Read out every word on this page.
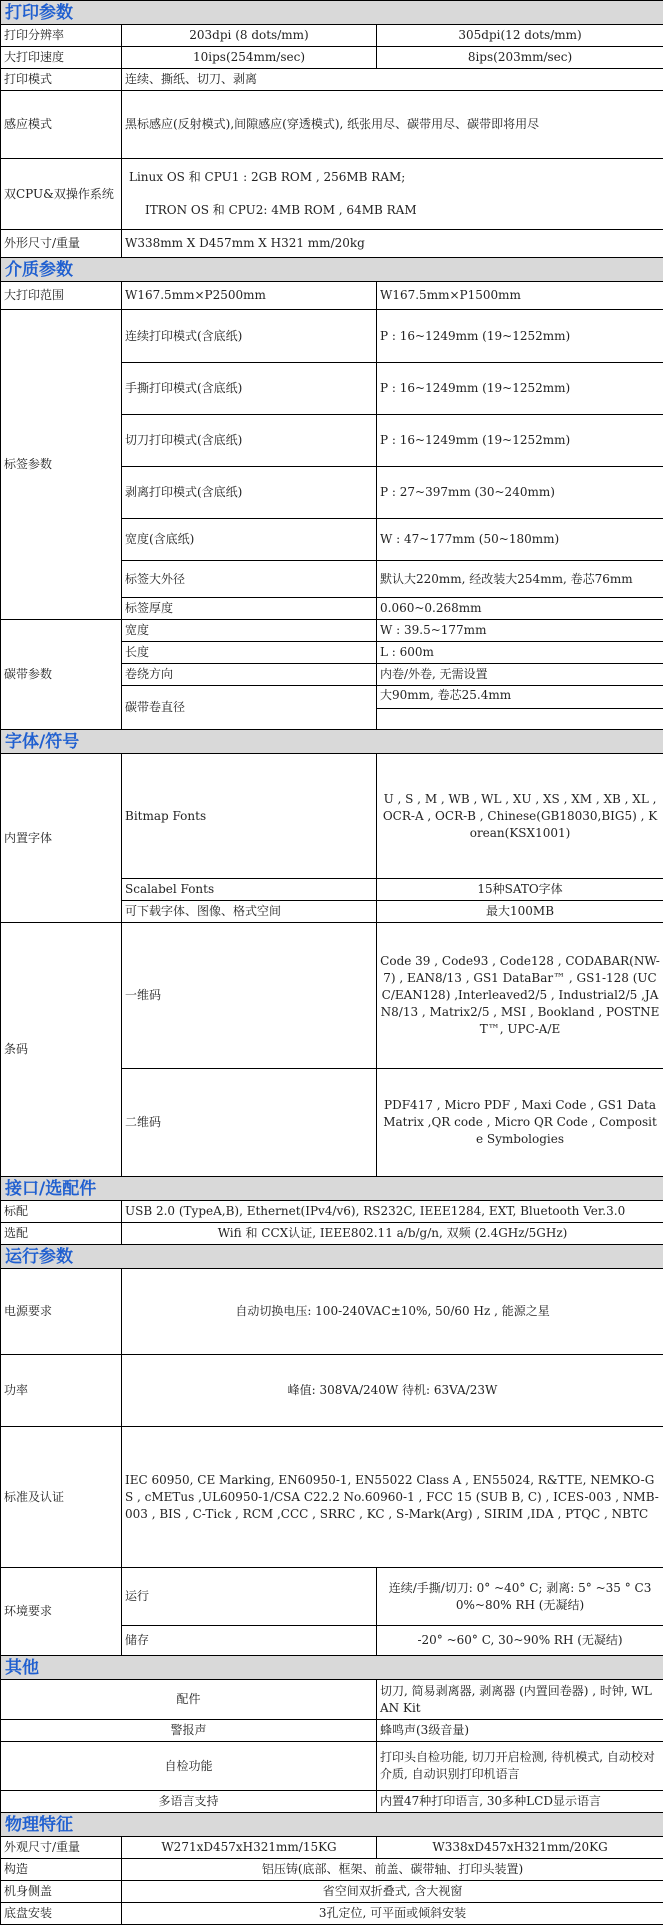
打印参数		
打印分辨率	203dpi (8 dots/mm)	305dpi(12 dots/mm)
大打印速度	10ips(254mm/sec)	8ips(203mm/sec)
打印模式	连续、撕纸、切刀、剥离	
感应模式	黑标感应(反射模式),间隙感应(穿透模式), 纸张用尽、碳带用尽、碳带即将用尽	
双CPU&双操作系统	Linux OS 和 CPU1 : 2GB ROM , 256MB RAM;
ITRON OS 和 CPU2: 4MB ROM , 64MB RAM	

外形尺寸/重量	W338mm X D457mm X H321 mm/20kg	
介质参数		
大打印范围	W167.5mm×P2500mm	W167.5mm×P1500mm
标签参数	连续打印模式(含底纸)	P : 16~1249mm (19~1252mm)
	手撕打印模式(含底纸)	P : 16~1249mm (19~1252mm)
	切刀打印模式(含底纸)	P : 16~1249mm (19~1252mm)
	剥离打印模式(含底纸)	P : 27~397mm (30~240mm)
	宽度(含底纸)	W : 47~177mm (50~180mm)
	标签大外径	默认大220mm, 经改装大254mm, 卷芯76mm
	标签厚度	0.060~0.268mm
碳带参数	宽度	W : 39.5~177mm
	长度	L : 600m
	卷绕方向	内卷/外卷, 无需设置
	碳带卷直径	大90mm, 卷芯25.4mm

字体/符号		
内置字体	Bitmap Fonts	U , S , M , WB , WL , XU , XS , XM , XB , XL , OCR-A , OCR-B , Chinese(GB18030,BIG5) , Korean(KSX1001)
	Scalabel Fonts	15种SATO字体
	可下载字体、图像、格式空间	最大100MB
条码	一维码	Code 39 , Code93 , Code128 , CODABAR(NW-7) , EAN8/13 , GS1 DataBar™ , GS1-128 (UCC/EAN128) ,Interleaved2/5 , Industrial2/5 ,JAN8/13 , Matrix2/5 , MSI , Bookland , POSTNET™, UPC-A/E
	二维码	PDF417 , Micro PDF , Maxi Code , GS1 Data Matrix ,QR code , Micro QR Code , Composite Symbologies
接口/选配件		
标配	USB 2.0 (TypeA,B), Ethernet(IPv4/v6), RS232C, IEEE1284, EXT, Bluetooth Ver.3.0	
选配	Wifi 和 CCX认证, IEEE802.11 a/b/g/n, 双频 (2.4GHz/5GHz)	
运行参数		
电源要求	自动切换电压: 100-240VAC±10%, 50/60 Hz , 能源之星	
功率	峰值: 308VA/240W 待机: 63VA/23W	
标准及认证	IEC 60950, CE Marking, EN60950-1, EN55022 Class A , EN55024, R&TTE, NEMKO-GS , cMETus ,UL60950-1/CSA C22.2 No.60960-1 , FCC 15 (SUB B, C) , ICES-003 , NMB-003 , BIS , C-Tick , RCM ,CCC , SRRC , KC , S-Mark(Arg) , SIRIM ,IDA , PTQC , NBTC	
环境要求	运行	连续/手撕/切刀: 0° ~40° C; 剥离: 5° ~35 ° C30%~80% RH (无凝结)
	储存	-20° ~60° C, 30~90% RH (无凝结)
其他		
配件		切刀, 简易剥离器, 剥离器 (内置回卷器) , 时钟, WLAN Kit
警报声		蜂鸣声(3级音量)
自检功能		打印头自检功能, 切刀开启检测, 待机模式, 自动校对介质, 自动识别打印机语言
多语言支持		内置47种打印语言, 30多种LCD显示语言
物理特征		
外观尺寸/重量	W271xD457xH321mm/15KG	W338xD457xH321mm/20KG
构造	铝压铸(底部、框架、前盖、碳带轴、打印头装置)	
机身侧盖	省空间双折叠式, 含大视窗	
底盘安装	3孔定位, 可平面或倾斜安装	
